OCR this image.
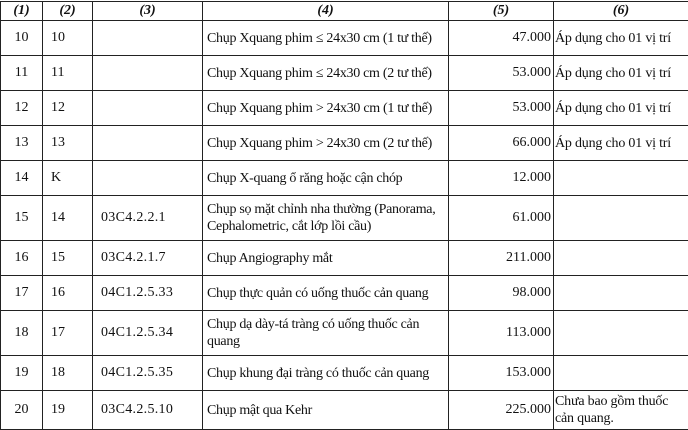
(1)	(2)	(3)	(4)	(5)	(6)
10	10		Chụp Xquang phim ≤ 24x30 cm (1 tư thế)	47.000	Áp dụng cho 01 vị trí
11	11		Chụp Xquang phim ≤ 24x30 cm (2 tư thế)	53.000	Áp dụng cho 01 vị trí
12	12		Chụp Xquang phim > 24x30 cm (1 tư thế)	53.000	Áp dụng cho 01 vị trí
13	13		Chụp Xquang phim > 24x30 cm (2 tư thế)	66.000	Áp dụng cho 01 vị trí
14	K		Chụp X-quang ổ răng hoặc cận chóp	12.000	
15	14	03C4.2.2.1	Chụp sọ mặt chỉnh nha thường (Panorama, Cephalometric, cắt lớp lồi cầu)	61.000	
16	15	03C4.2.1.7	Chụp Angiography mắt	211.000	
17	16	04C1.2.5.33	Chụp thực quản có uống thuốc cản quang	98.000	
18	17	04C1.2.5.34	Chụp dạ dày-tá tràng có uống thuốc cản quang	113.000	
19	18	04C1.2.5.35	Chụp khung đại tràng có thuốc cản quang	153.000	
20	19	03C4.2.5.10	Chụp mật qua Kehr	225.000	Chưa bao gồm thuốc cản quang.
